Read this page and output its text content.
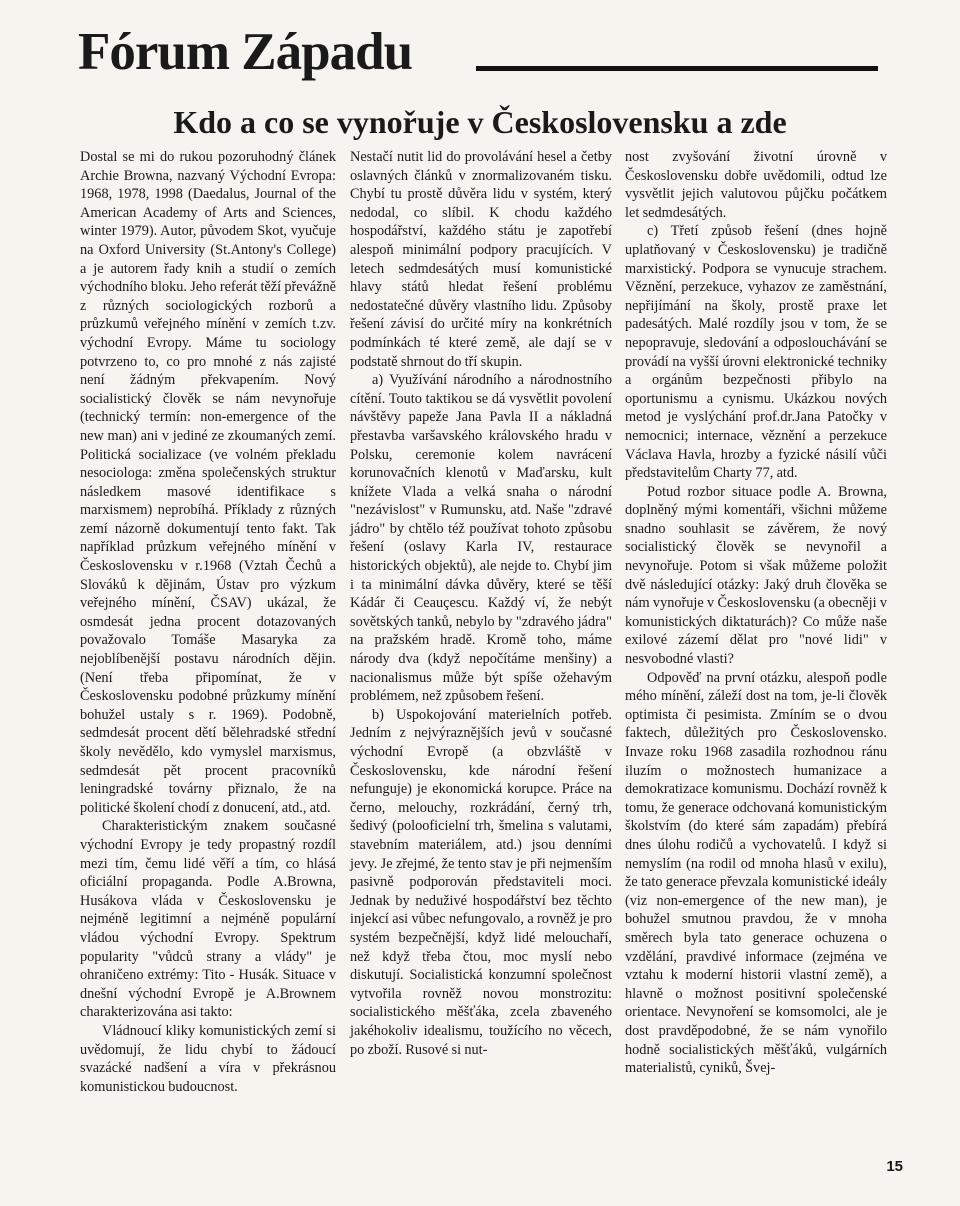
Fórum Západu
Kdo a co se vynořuje v Československu a zde

Dostal se mi do rukou pozoruhodný článek Archie Browna, nazvaný Východní Evropa: 1968, 1978, 1998 (Daedalus, Journal of the American Academy of Arts and Sciences, winter 1979). Autor, původem Skot, vyučuje na Oxford University (St.Antony's College) a je autorem řady knih a studií o zemích východního bloku. Jeho referát těží převážně z různých sociologických rozborů a průzkumů veřejného mínění v zemích t.zv. východní Evropy. Máme tu sociology potvrzeno to, co pro mnohé z nás zajisté není žádným překvapením. Nový socialistický člověk se nám nevynořuje (technický termín: non-emergence of the new man) ani v jediné ze zkoumaných zemí. Politická socializace (ve volném překladu nesociologa: změna společenských struktur následkem masové identifikace s marxismem) neprobíhá. Příklady z různých zemí názorně dokumentují tento fakt. Tak například průzkum veřejného mínění v Československu v r.1968 (Vztah Čechů a Slováků k dějinám, Ústav pro výzkum veřejného mínění, ČSAV) ukázal, že osmdesát jedna procent dotazovaných považovalo Tomáše Masaryka za nejoblíbenější postavu národních dějin. (Není třeba připomínat, že v Československu podobné průzkumy mínění bohužel ustaly s r. 1969). Podobně, sedmdesát procent dětí bělehradské střední školy nevědělo, kdo vymyslel marxismus, sedmdesát pět procent pracovníků leningradské továrny přiznalo, že na politické školení chodí z donucení, atd., atd.

Charakteristickým znakem současné východní Evropy je tedy propastný rozdíl mezi tím, čemu lidé věří a tím, co hlásá oficiální propaganda. Podle A.Browna, Husákova vláda v Československu je nejméně legitimní a nejméně populární vládou východní Evropy. Spektrum popularity "vůdců strany a vlády" je ohraničeno extrémy: Tito - Husák. Situace v dnešní východní Evropě je A.Brownem charakterizována asi takto:

Vládnoucí kliky komunistických zemí si uvědomují, že lidu chybí to žádoucí svazácké nadšení a víra v překrásnou komunistickou budoucnost.

Nestačí nutit lid do provolávání hesel a četby oslavných článků v znormalizovaném tisku. Chybí tu prostě důvěra lidu v systém, který nedodal, co slíbil. K chodu každého hospodářství, každého státu je zapotřebí alespoň minimální podpory pracujících. V letech sedmdesátých musí komunistické hlavy států hledat řešení problému nedostatečné důvěry vlastního lidu. Způsoby řešení závisí do určité míry na konkrétních podmínkách té které země, ale dají se v podstatě shrnout do tří skupin.

a) Využívání národního a národnostního cítění. Touto taktikou se dá vysvětlit povolení návštěvy papeže Jana Pavla II a nákladná přestavba varšavského královského hradu v Polsku, ceremonie kolem navrácení korunovačních klenotů v Maďarsku, kult knížete Vlada a velká snaha o národní "nezávislost" v Rumunsku, atd. Naše "zdravé jádro" by chtělo též používat tohoto způsobu řešení (oslavy Karla IV, restaurace historických objektů), ale nejde to. Chybí jim i ta minimální dávka důvěry, které se těší Kádár či Ceauçescu. Každý ví, že nebýt sovětských tanků, nebylo by "zdravého jádra" na pražském hradě. Kromě toho, máme národy dva (když nepočítáme menšiny) a nacionalismus může být spíše ožehavým problémem, než způsobem řešení.

b) Uspokojování materielních potřeb. Jedním z nejvýraznějších jevů v současné východní Evropě (a obzvláště v Československu, kde národní řešení nefunguje) je ekonomická korupce. Práce na černo, melouchy, rozkrádání, černý trh, šedivý (polooficielní trh, šmelina s valutami, stavebním materiálem, atd.) jsou denními jevy. Je zřejmé, že tento stav je při nejmenším pasivně podporován představiteli moci. Jednak by neduživé hospodářství bez těchto injekcí asi vůbec nefungovalo, a rovněž je pro systém bezpečnější, když lidé melouchaří, než když třeba čtou, moc myslí nebo diskutují. Socialistická konzumní společnost vytvořila rovněž novou monstrozitu: socialistického měšťáka, zcela zbaveného jakéhokoliv idealismu, toužícího no věcech, po zboží. Rusové si nut-

nost zvyšování životní úrovně v Československu dobře uvědomili, odtud lze vysvětlit jejich valutovou půjčku počátkem let sedmdesátých.

c) Třetí způsob řešení (dnes hojně uplatňovaný v Československu) je tradičně marxistický. Podpora se vynucuje strachem. Věznění, perzekuce, vyhazov ze zaměstnání, nepřijímání na školy, prostě praxe let padesátých. Malé rozdíly jsou v tom, že se nepopravuje, sledování a odposlouchávání se provádí na vyšší úrovni elektronické techniky a orgánům bezpečnosti přibylo na oportunismu a cynismu. Ukázkou nových metod je vyslýchání prof.dr.Jana Patočky v nemocnici; internace, věznění a perzekuce Václava Havla, hrozby a fyzické násilí vůči představitelům Charty 77, atd.

Potud rozbor situace podle A. Browna, doplněný mými komentáři, všichni můžeme snadno souhlasit se závěrem, že nový socialistický člověk se nevynořil a nevynořuje. Potom si však můžeme položit dvě následující otázky: Jaký druh člověka se nám vynořuje v Československu (a obecněji v komunistických diktaturách)? Co může naše exilové zázemí dělat pro "nové lidi" v nesvobodné vlasti?

Odpověď na první otázku, alespoň podle mého mínění, záleží dost na tom, je-li člověk optimista či pesimista. Zmíním se o dvou faktech, důležitých pro Československo. Invaze roku 1968 zasadila rozhodnou ránu iluzím o možnostech humanizace a demokratizace komunismu. Dochází rovněž k tomu, že generace odchovaná komunistickým školstvím (do které sám zapadám) přebírá dnes úlohu rodičů a vychovatelů. I když si nemyslím (na rodil od mnoha hlasů v exilu), že tato generace převzala komunistické ideály (viz non-emergence of the new man), je bohužel smutnou pravdou, že v mnoha směrech byla tato generace ochuzena o vzdělání, pravdivé informace (zejména ve vztahu k moderní historii vlastní země), a hlavně o možnost positivní společenské orientace. Nevynoření se komsomolci, ale je dost pravděpodobné, že se nám vynořilo hodně socialistických měšťáků, vulgárních materialistů, cyniků, Švej-

15
